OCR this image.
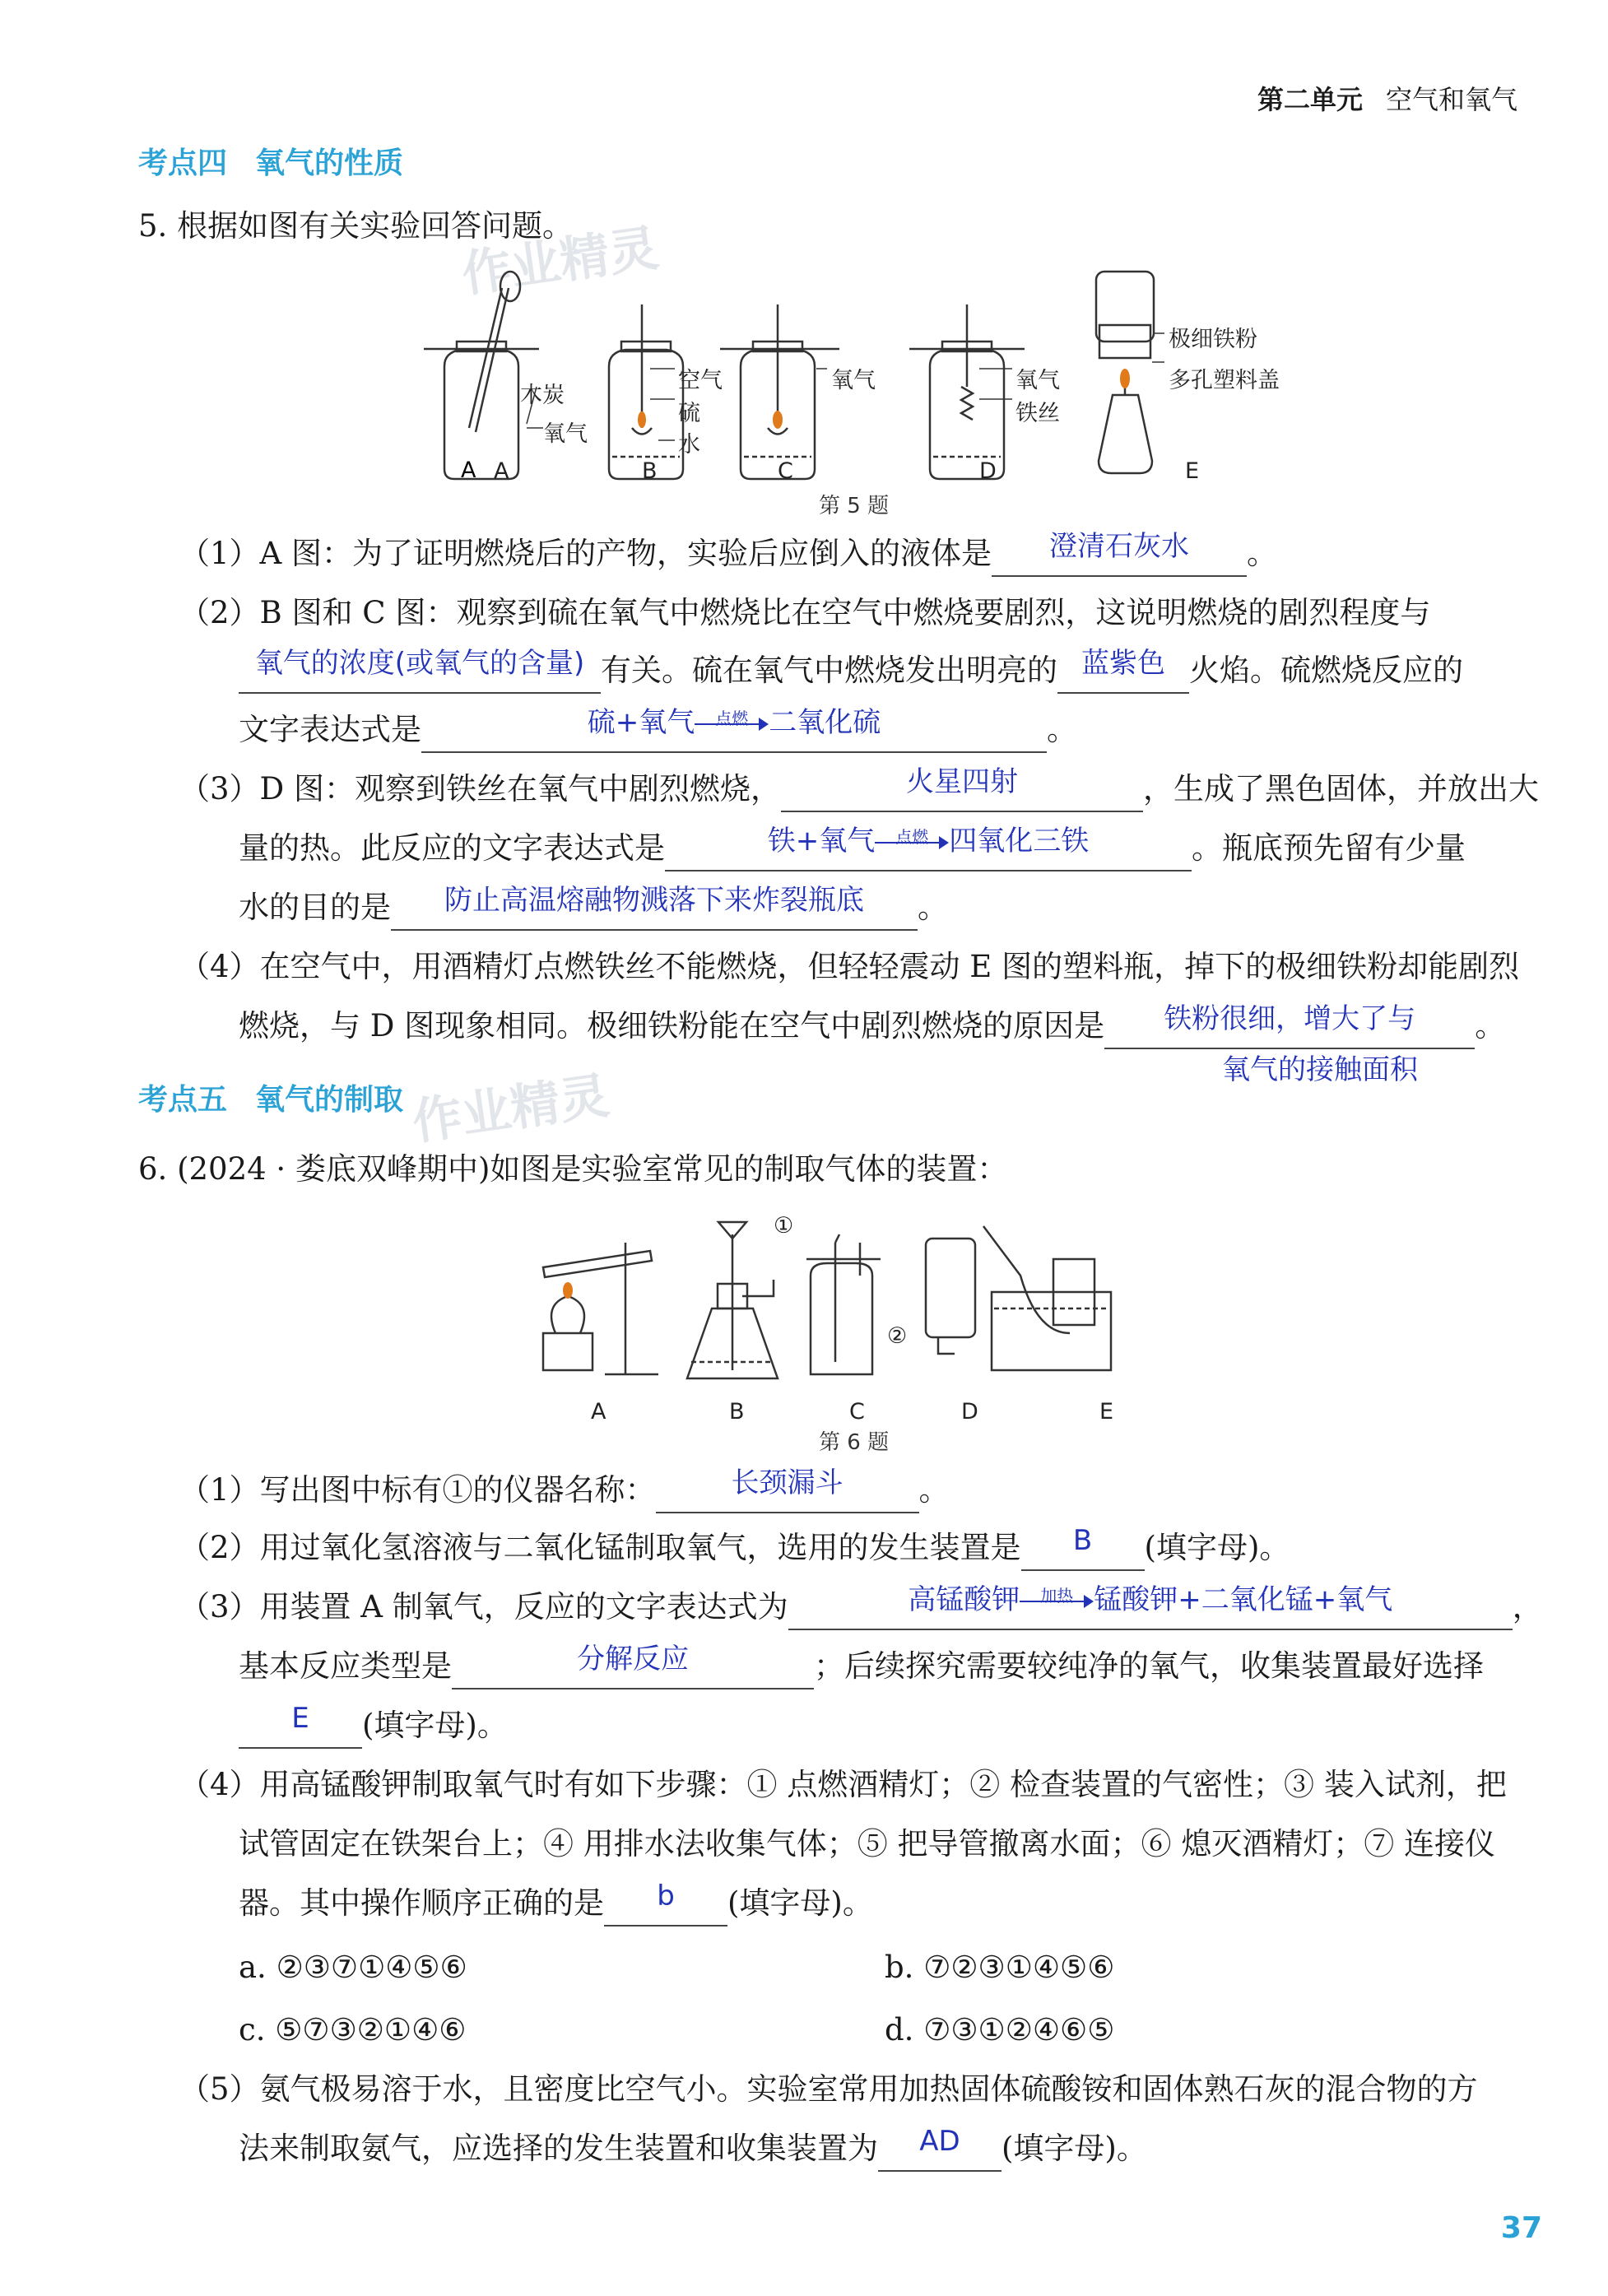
第二单元 空气和氧气
考点四 氧气的性质
5. 根据如图有关实验回答问题。
作业精灵
A
木炭
氧气
空气
硫
水
氧气	氧气
铁丝
极细铁粉
多孔塑料盖
A	B	C	D	E
第 5 题
（1）A 图：为了证明燃烧后的产物，实验后应倒入的液体是 澄清石灰水 。
（2）B 图和 C 图：观察到硫在氧气中燃烧比在空气中燃烧要剧烈，这说明燃烧的剧烈程度与
氧气的浓度(或氧气的含量) 有关。硫在氧气中燃烧发出明亮的 蓝紫色 火焰。硫燃烧反应的
文字表达式是	硫+氧气	点燃 二氧化硫	。
（3）D 图：观察到铁丝在氧气中剧烈燃烧，	火星四射	，生成了黑色固体，并放出大
量的热。此反应的文字表达式是	铁+氧气	点燃 四氧化三铁	。瓶底预先留有少量
水的目的是 防止高温熔融物溅落下来炸裂瓶底 。
（4）在空气中，用酒精灯点燃铁丝不能燃烧，但轻轻震动 E 图的塑料瓶，掉下的极细铁粉却能剧烈
燃烧，与 D 图现象相同。极细铁粉能在空气中剧烈燃烧的原因是 铁粉很细，增大了与 。
氧气的接触面积
考点五 氧气的制取 作业精灵
6. (2024 · 娄底双峰期中)如图是实验室常见的制取气体的装置：
①
②
A	B	C	D	E
第 6 题
（1）写出图中标有①的仪器名称：	长颈漏斗 。
（2）用过氧化氢溶液与二氧化锰制取氧气，选用的发生装置是 B (填字母)。
（3）用装置 A 制氧气，反应的文字表达式为	高锰酸钾	加热 锰酸钾+二氧化锰+氧气	，
基本反应类型是	分解反应	；后续探究需要较纯净的氧气，收集装置最好选择
E (填字母)。
（4）用高锰酸钾制取氧气时有如下步骤：① 点燃酒精灯；② 检查装置的气密性；③ 装入试剂，把
试管固定在铁架台上；④ 用排水法收集气体；⑤ 把导管撤离水面；⑥ 熄灭酒精灯；⑦ 连接仪
器。其中操作顺序正确的是 b (填字母)。
a. ②③⑦①④⑤⑥	b. ⑦②③①④⑤⑥
c. ⑤⑦③②①④⑥	d. ⑦③①②④⑥⑤
（5）氨气极易溶于水，且密度比空气小。实验室常用加热固体硫酸铵和固体熟石灰的混合物的方
法来制取氨气，应选择的发生装置和收集装置为 AD (填字母)。
37
